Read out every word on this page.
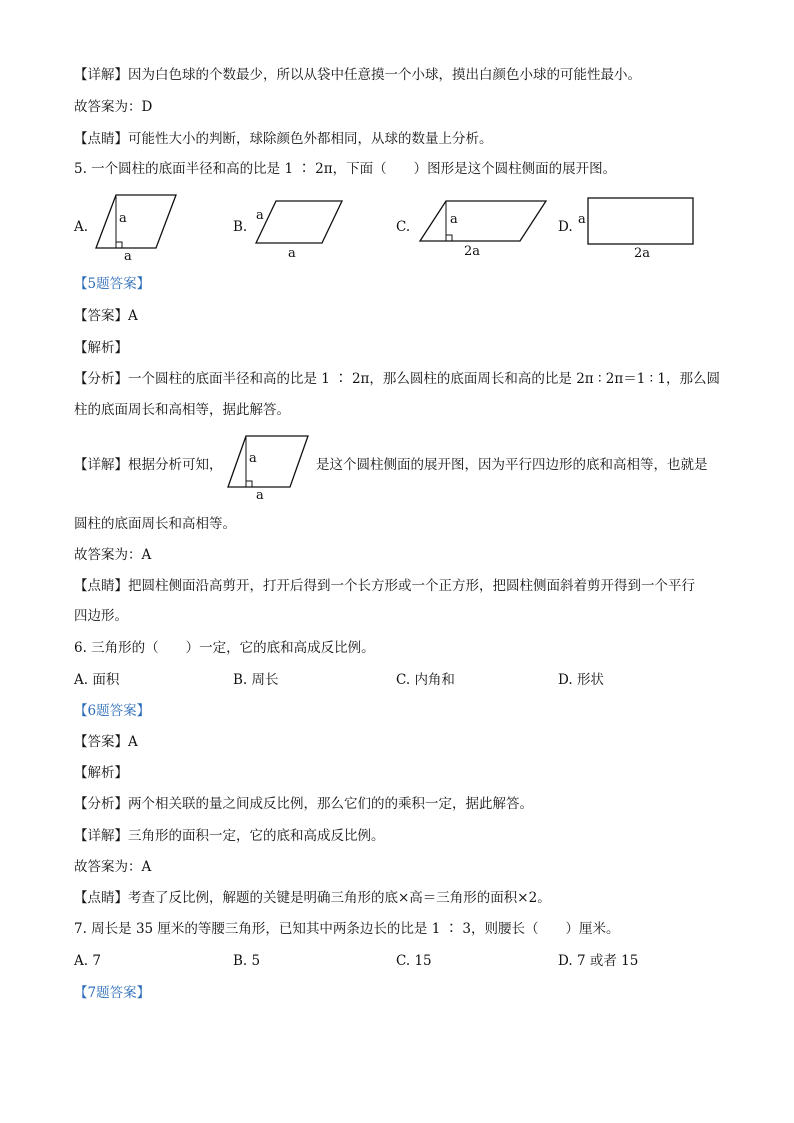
【详解】因为白色球的个数最少，所以从袋中任意摸一个小球，摸出白颜色小球的可能性最小。
故答案为：D
【点睛】可能性大小的判断，球除颜色外都相同，从球的数量上分析。
5. 一个圆柱的底面半径和高的比是 1 ∶ 2π，下面（　　）图形是这个圆柱侧面的展开图。
A.
a
a
B.
a
a
C.	a
2a
D. a
2a
【5题答案】
【答案】A
【解析】
【分析】一个圆柱的底面半径和高的比是 1 ∶ 2π，那么圆柱的底面周长和高的比是 2π ∶ 2π＝1 ∶ 1，那么圆
柱的底面周长和高相等，据此解答。
【详解】根据分析可知， a
a
是这个圆柱侧面的展开图，因为平行四边形的底和高相等，也就是
圆柱的底面周长和高相等。
故答案为：A
【点睛】把圆柱侧面沿高剪开，打开后得到一个长方形或一个正方形，把圆柱侧面斜着剪开得到一个平行
四边形。
6. 三角形的（　　）一定，它的底和高成反比例。
A. 面积	B. 周长	C. 内角和	D. 形状
【6题答案】
【答案】A
【解析】
【分析】两个相关联的量之间成反比例，那么它们的的乘积一定，据此解答。
【详解】三角形的面积一定，它的底和高成反比例。
故答案为：A
【点睛】考查了反比例，解题的关键是明确三角形的底×高＝三角形的面积×2。
7. 周长是 35 厘米的等腰三角形，已知其中两条边长的比是 1 ∶ 3，则腰长（　　）厘米。
A. 7	B. 5	C. 15	D. 7 或者 15
【7题答案】
